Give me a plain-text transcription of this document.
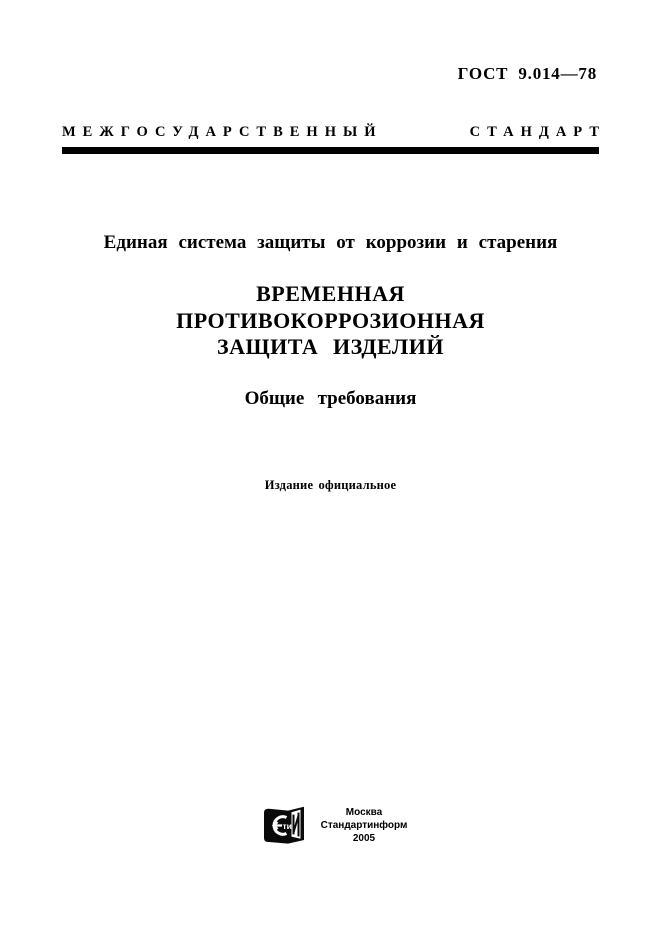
ГОСТ 9.014—78
МЕЖГОСУДАРСТВЕННЫЙ	СТАНДАРТ
Единая система защиты от коррозии и старения
ВРЕМЕННАЯ
ПРОТИВОКОРРОЗИОННАЯ
ЗАЩИТА ИЗДЕЛИЙ
Общие требования
Издание официальное
ти
Москва
Стандартинформ
2005
